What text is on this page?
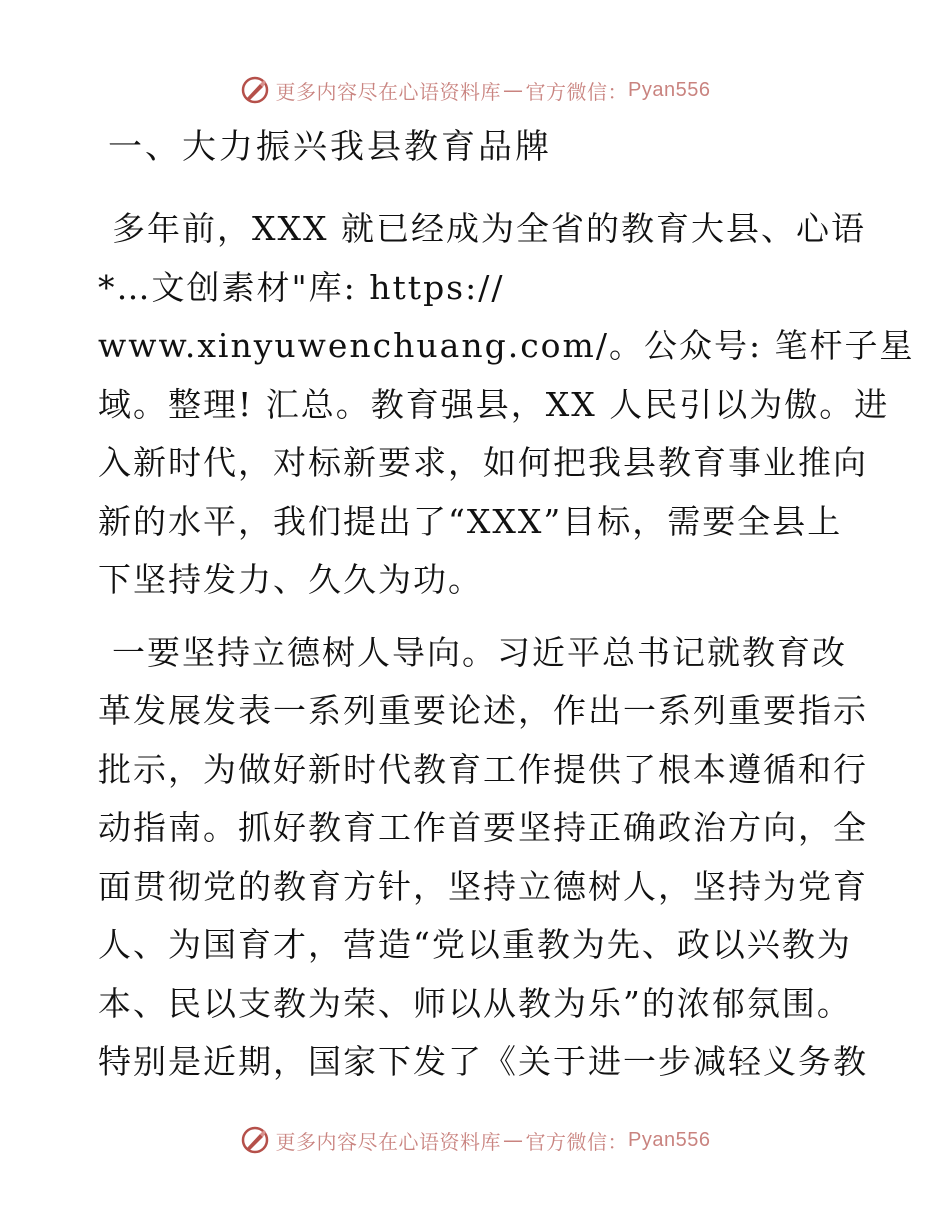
更多内容尽在心语资料库 — 官方微信： Pyan556
一、大力振兴我县教育品牌
多年前，XXX 就已经成为全省的教育大县、心语
*…文创素材"库: https://
www.xinyuwenchuang.com/。公众号: 笔杆子星
域。整理! 汇总。教育强县，XX 人民引以为傲。进
入新时代，对标新要求，如何把我县教育事业推向
新的水平，我们提出了“XXX”目标，需要全县上
下坚持发力、久久为功。
一要坚持立德树人导向。习近平总书记就教育改
革发展发表一系列重要论述，作出一系列重要指示
批示，为做好新时代教育工作提供了根本遵循和行
动指南。抓好教育工作首要坚持正确政治方向，全
面贯彻党的教育方针，坚持立德树人，坚持为党育
人、为国育才，营造“党以重教为先、政以兴教为
本、民以支教为荣、师以从教为乐”的浓郁氛围。
特别是近期，国家下发了《关于进一步减轻义务教
更多内容尽在心语资料库 — 官方微信： Pyan556
